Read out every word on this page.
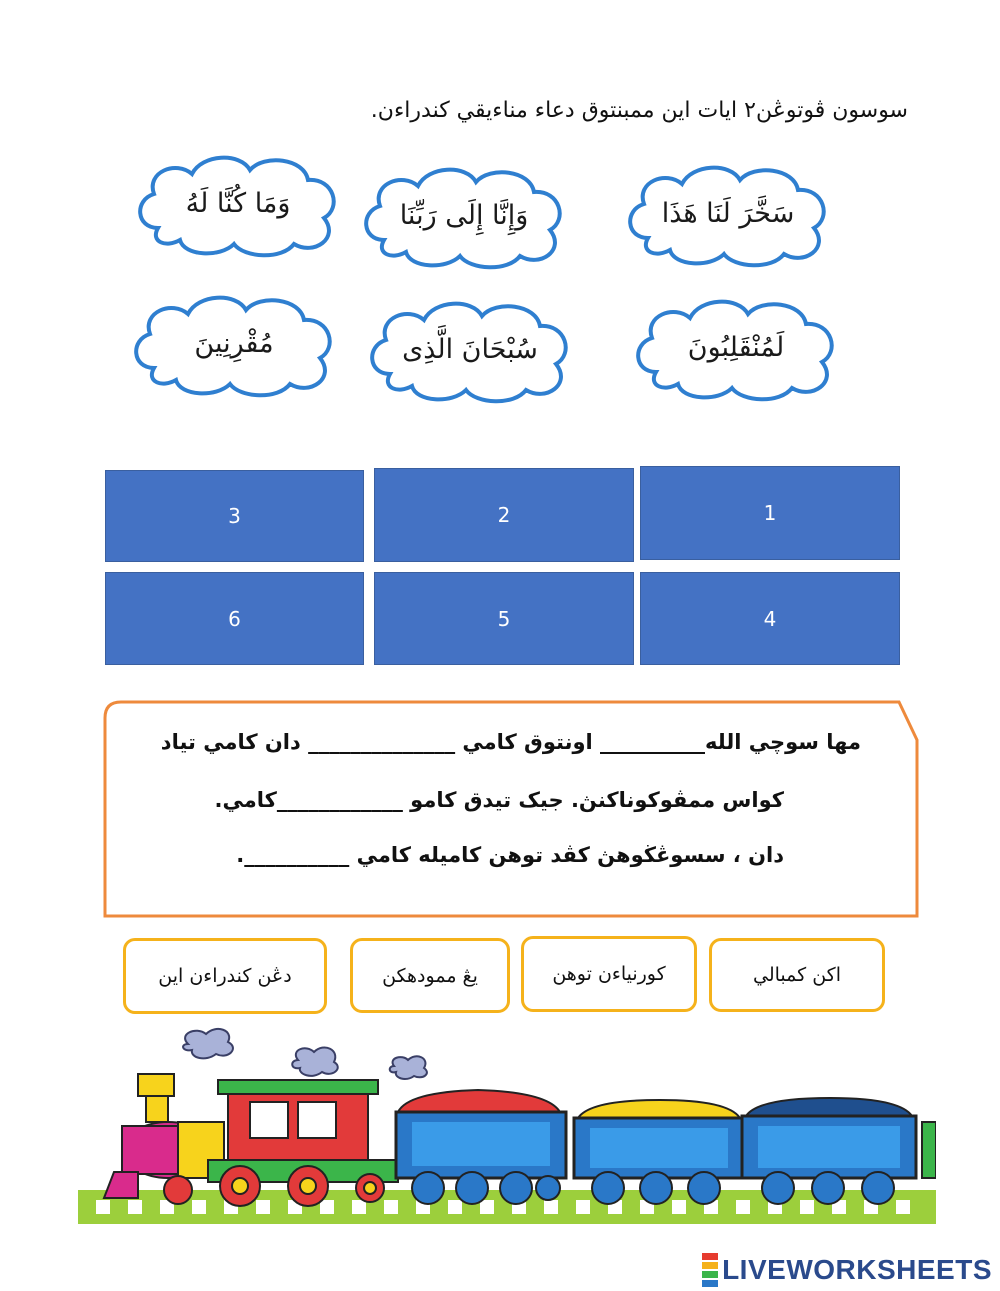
سوسون ڤوتوڠن٢ ايات اين ممبنتوق دعاء مناءيقي كندراءن.
سَخَّرَ لَنَا هَذَا
وَإِنَّا إِلَى رَبِّنَا
وَمَا كُنَّا لَهُ
لَمُنْقَلِبُونَ
سُبْحَانَ الَّذِى
مُقْرِنِينَ
1
2
3
4
5
6
مها سوچي الله__________ اونتوق كامي ______________ دان كامي تياد
كواس ممڤوكوناكنڽ. جيک تيدق كامو ____________كامي.
دان ، سسوڠڬوهڽ كڤد توهن كاميله كامي __________.
اكن كمبالي
كورنياءن توهن
يڠ ممودهكن
دڠن كندراءن اين
LIVEWORKSHEETS
